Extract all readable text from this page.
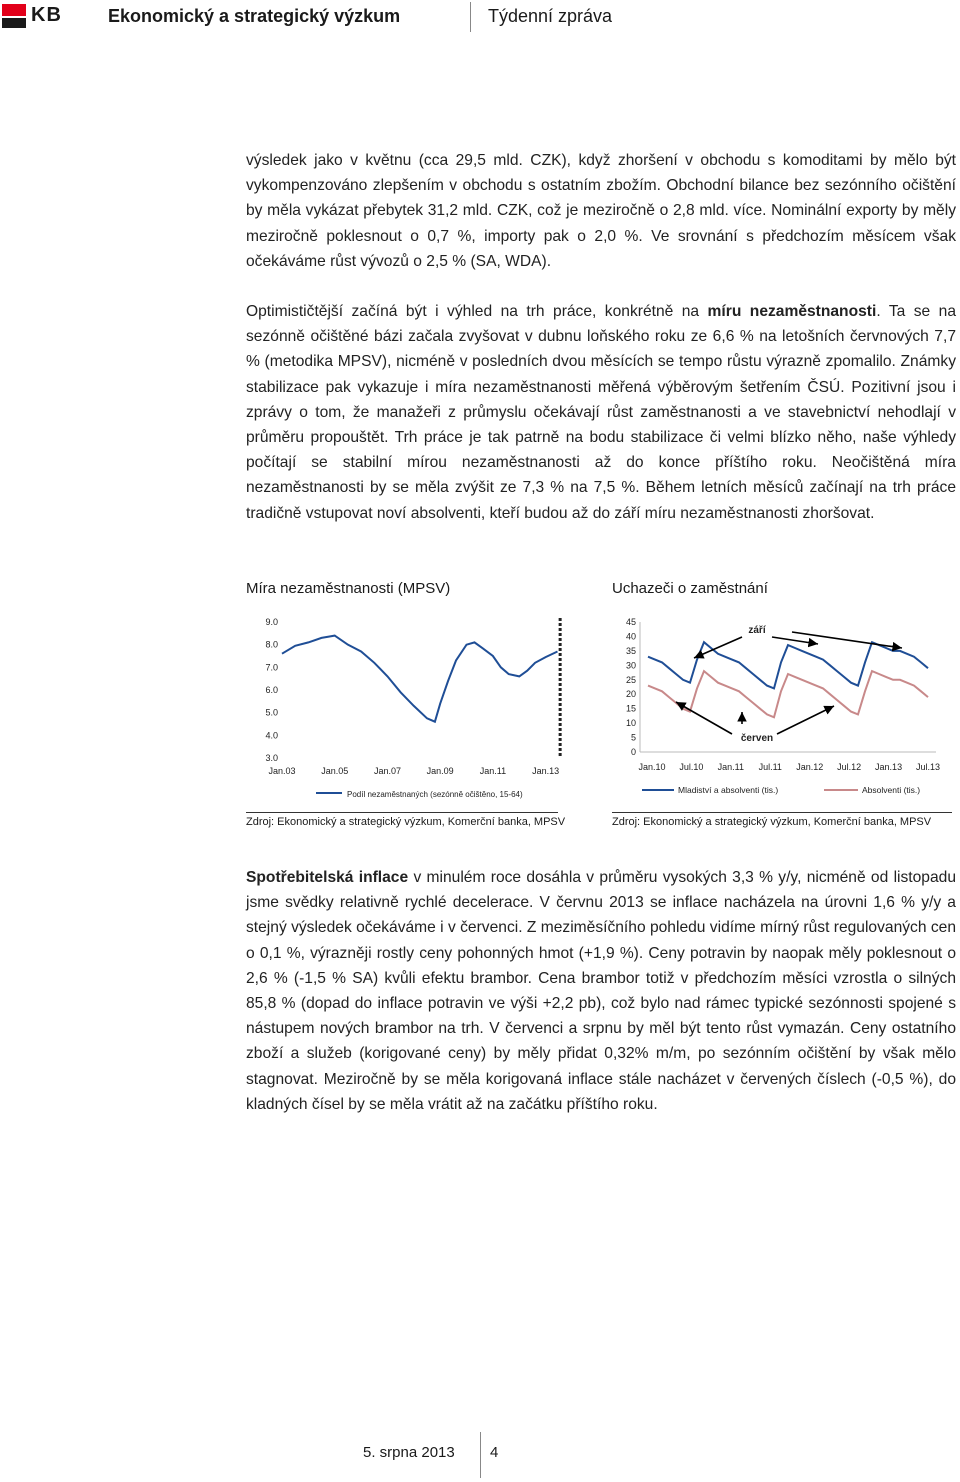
KB	Ekonomický a strategický výzkum	Týdenní zpráva

výsledek jako v květnu (cca 29,5 mld. CZK), když zhoršení v obchodu s komoditami by mělo být vykompenzováno zlepšením v obchodu s ostatním zbožím. Obchodní bilance bez sezónního očištění by měla vykázat přebytek 31,2 mld. CZK, což je meziročně o 2,8 mld. více. Nominální exporty by měly meziročně poklesnout o 0,7 %, importy pak o 2,0 %. Ve srovnání s předchozím měsícem však očekáváme růst vývozů o 2,5 % (SA, WDA).

Optimističtější začíná být i výhled na trh práce, konkrétně na míru nezaměstnanosti. Ta se na sezónně očištěné bázi začala zvyšovat v dubnu loňského roku ze 6,6 % na letošních červnových 7,7 % (metodika MPSV), nicméně v posledních dvou měsících se tempo růstu výrazně zpomalilo. Známky stabilizace pak vykazuje i míra nezaměstnanosti měřená výběrovým šetřením ČSÚ. Pozitivní jsou i zprávy o tom, že manažeři z průmyslu očekávají růst zaměstnanosti a ve stavebnictví nehodlají v průměru propouštět. Trh práce je tak patrně na bodu stabilizace či velmi blízko něho, naše výhledy počítají se stabilní mírou nezaměstnanosti až do konce příštího roku. Neočištěná míra nezaměstnanosti by se měla zvýšit ze 7,3 % na 7,5 %. Během letních měsíců začínají na trh práce tradičně vstupovat noví absolventi, kteří budou až do září míru nezaměstnanosti zhoršovat.

Míra nezaměstnanosti (MPSV)
9.0
8.0
7.0
6.0
5.0
4.0
3.0
Jan.03	Jan.05	Jan.07	Jan.09	Jan.11	Jan.13
Podíl nezaměstnaných (sezónně očištěno, 15-64)
Zdroj: Ekonomický a strategický výzkum, Komerční banka, MPSV
Uchazeči o zaměstnání
45
40
35
30
25
20
15
10
5
0
Jan.10 Jul.10 Jan.11 Jul.11 Jan.12 Jul.12 Jan.13 Jul.13
září
červen
Mladiství a absolventi (tis.)	Absolventi (tis.)
Zdroj: Ekonomický a strategický výzkum, Komerční banka, MPSV

Spotřebitelská inflace v minulém roce dosáhla v průměru vysokých 3,3 % y/y, nicméně od listopadu jsme svědky relativně rychlé decelerace. V červnu 2013 se inflace nacházela na úrovni 1,6 % y/y a stejný výsledek očekáváme i v červenci. Z meziměsíčního pohledu vidíme mírný růst regulovaných cen o 0,1 %, výrazněji rostly ceny pohonných hmot (+1,9 %). Ceny potravin by naopak měly poklesnout o 2,6 % (-1,5 % SA) kvůli efektu brambor. Cena brambor totiž v předchozím měsíci vzrostla o silných 85,8 % (dopad do inflace potravin ve výši +2,2 pb), což bylo nad rámec typické sezónnosti spojené s nástupem nových brambor na trh. V červenci a srpnu by měl být tento růst vymazán. Ceny ostatního zboží a služeb (korigované ceny) by měly přidat 0,32% m/m, po sezónním očištění by však mělo stagnovat. Meziročně by se měla korigovaná inflace stále nacházet v červených číslech (-0,5 %), do kladných čísel by se měla vrátit až na začátku příštího roku.

5. srpna 2013 4
